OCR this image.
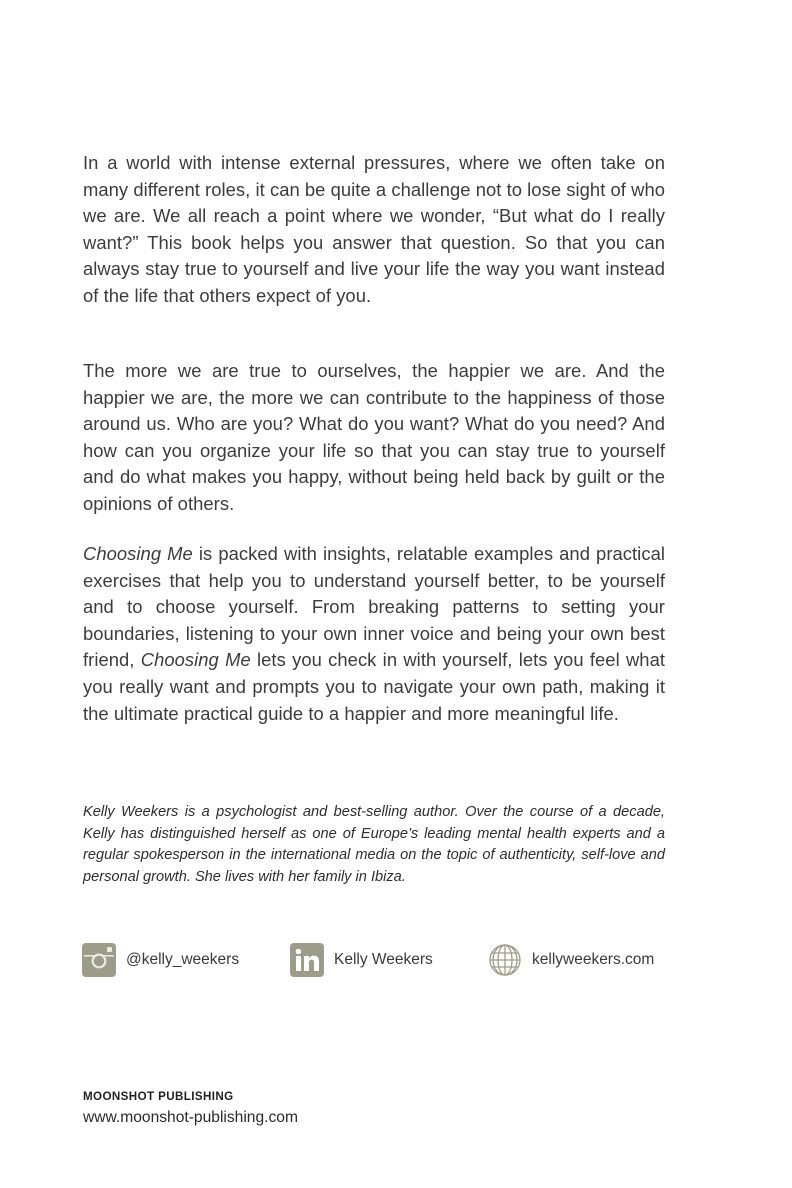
In a world with intense external pressures, where we often take on many different roles, it can be quite a challenge not to lose sight of who we are. We all reach a point where we wonder, “But what do I really want?” This book helps you answer that question. So that you can always stay true to yourself and live your life the way you want instead of the life that others expect of you.

The more we are true to ourselves, the happier we are. And the happier we are, the more we can contribute to the happiness of those around us. Who are you? What do you want? What do you need? And how can you organize your life so that you can stay true to yourself and do what makes you happy, without being held back by guilt or the opinions of others.

Choosing Me is packed with insights, relatable examples and practical exercises that help you to understand yourself better, to be yourself and to choose yourself. From breaking patterns to setting your boundaries, listening to your own inner voice and being your own best friend, Choosing Me lets you check in with yourself, lets you feel what you really want and prompts you to navigate your own path, making it the ultimate practical guide to a happier and more meaningful life.

Kelly Weekers is a psychologist and best-selling author. Over the course of a decade, Kelly has distinguished herself as one of Europe’s leading mental health experts and a regular spokesperson in the international media on the topic of authenticity, self-love and personal growth. She lives with her family in Ibiza.

@kelly_weekers	Kelly Weekers	kellyweekers.com
MOONSHOT PUBLISHING
www.moonshot-publishing.com
